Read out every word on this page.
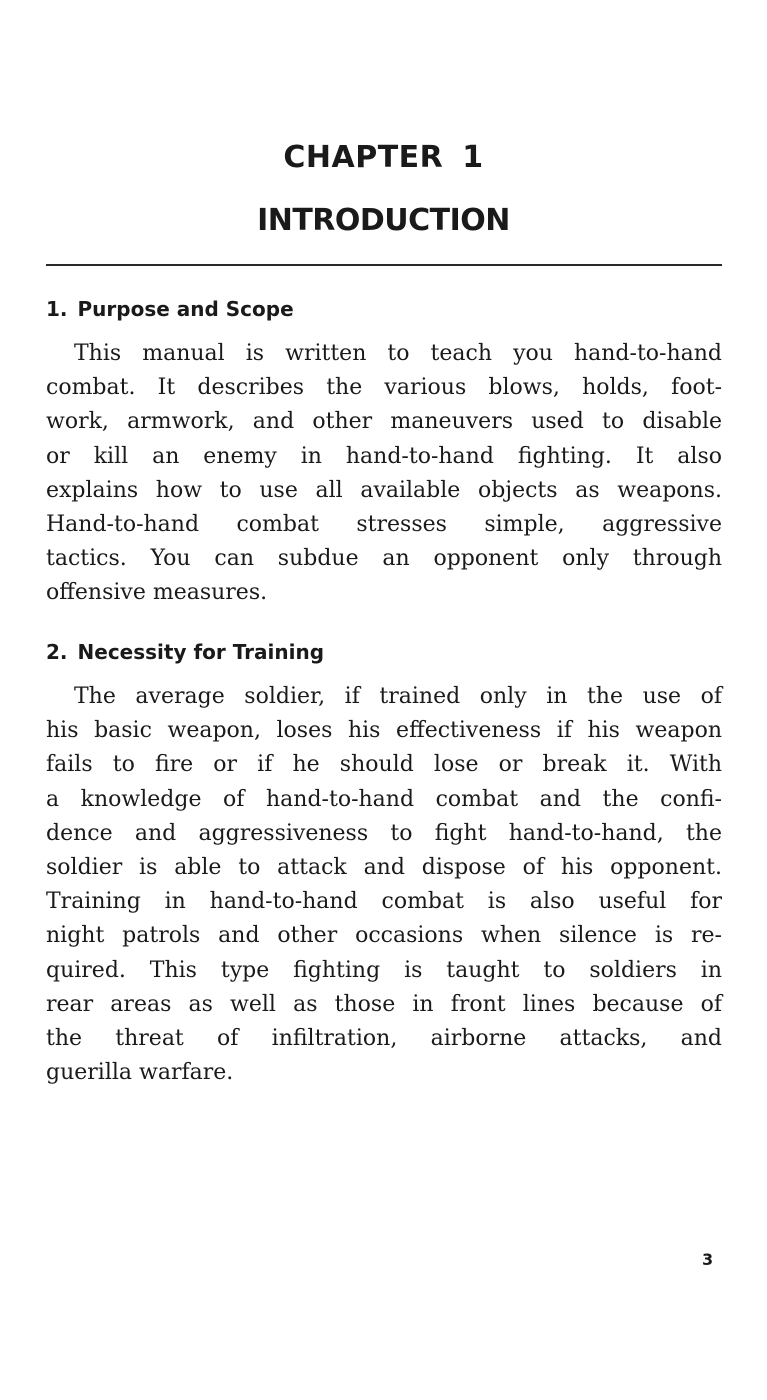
CHAPTER 1
INTRODUCTION
1. Purpose and Scope
This manual is written to teach you hand-to-hand
combat. It describes the various blows, holds, foot-
work, armwork, and other maneuvers used to disable
or kill an enemy in hand-to-hand fighting. It also
explains how to use all available objects as weapons.
Hand-to-hand combat stresses simple, aggressive
tactics. You can subdue an opponent only through
offensive measures.
2. Necessity for Training
The average soldier, if trained only in the use of
his basic weapon, loses his effectiveness if his weapon
fails to fire or if he should lose or break it. With
a knowledge of hand-to-hand combat and the confi-
dence and aggressiveness to fight hand-to-hand, the
soldier is able to attack and dispose of his opponent.
Training in hand-to-hand combat is also useful for
night patrols and other occasions when silence is re-
quired. This type fighting is taught to soldiers in
rear areas as well as those in front lines because of
the threat of infiltration, airborne attacks, and
guerilla warfare.
3
